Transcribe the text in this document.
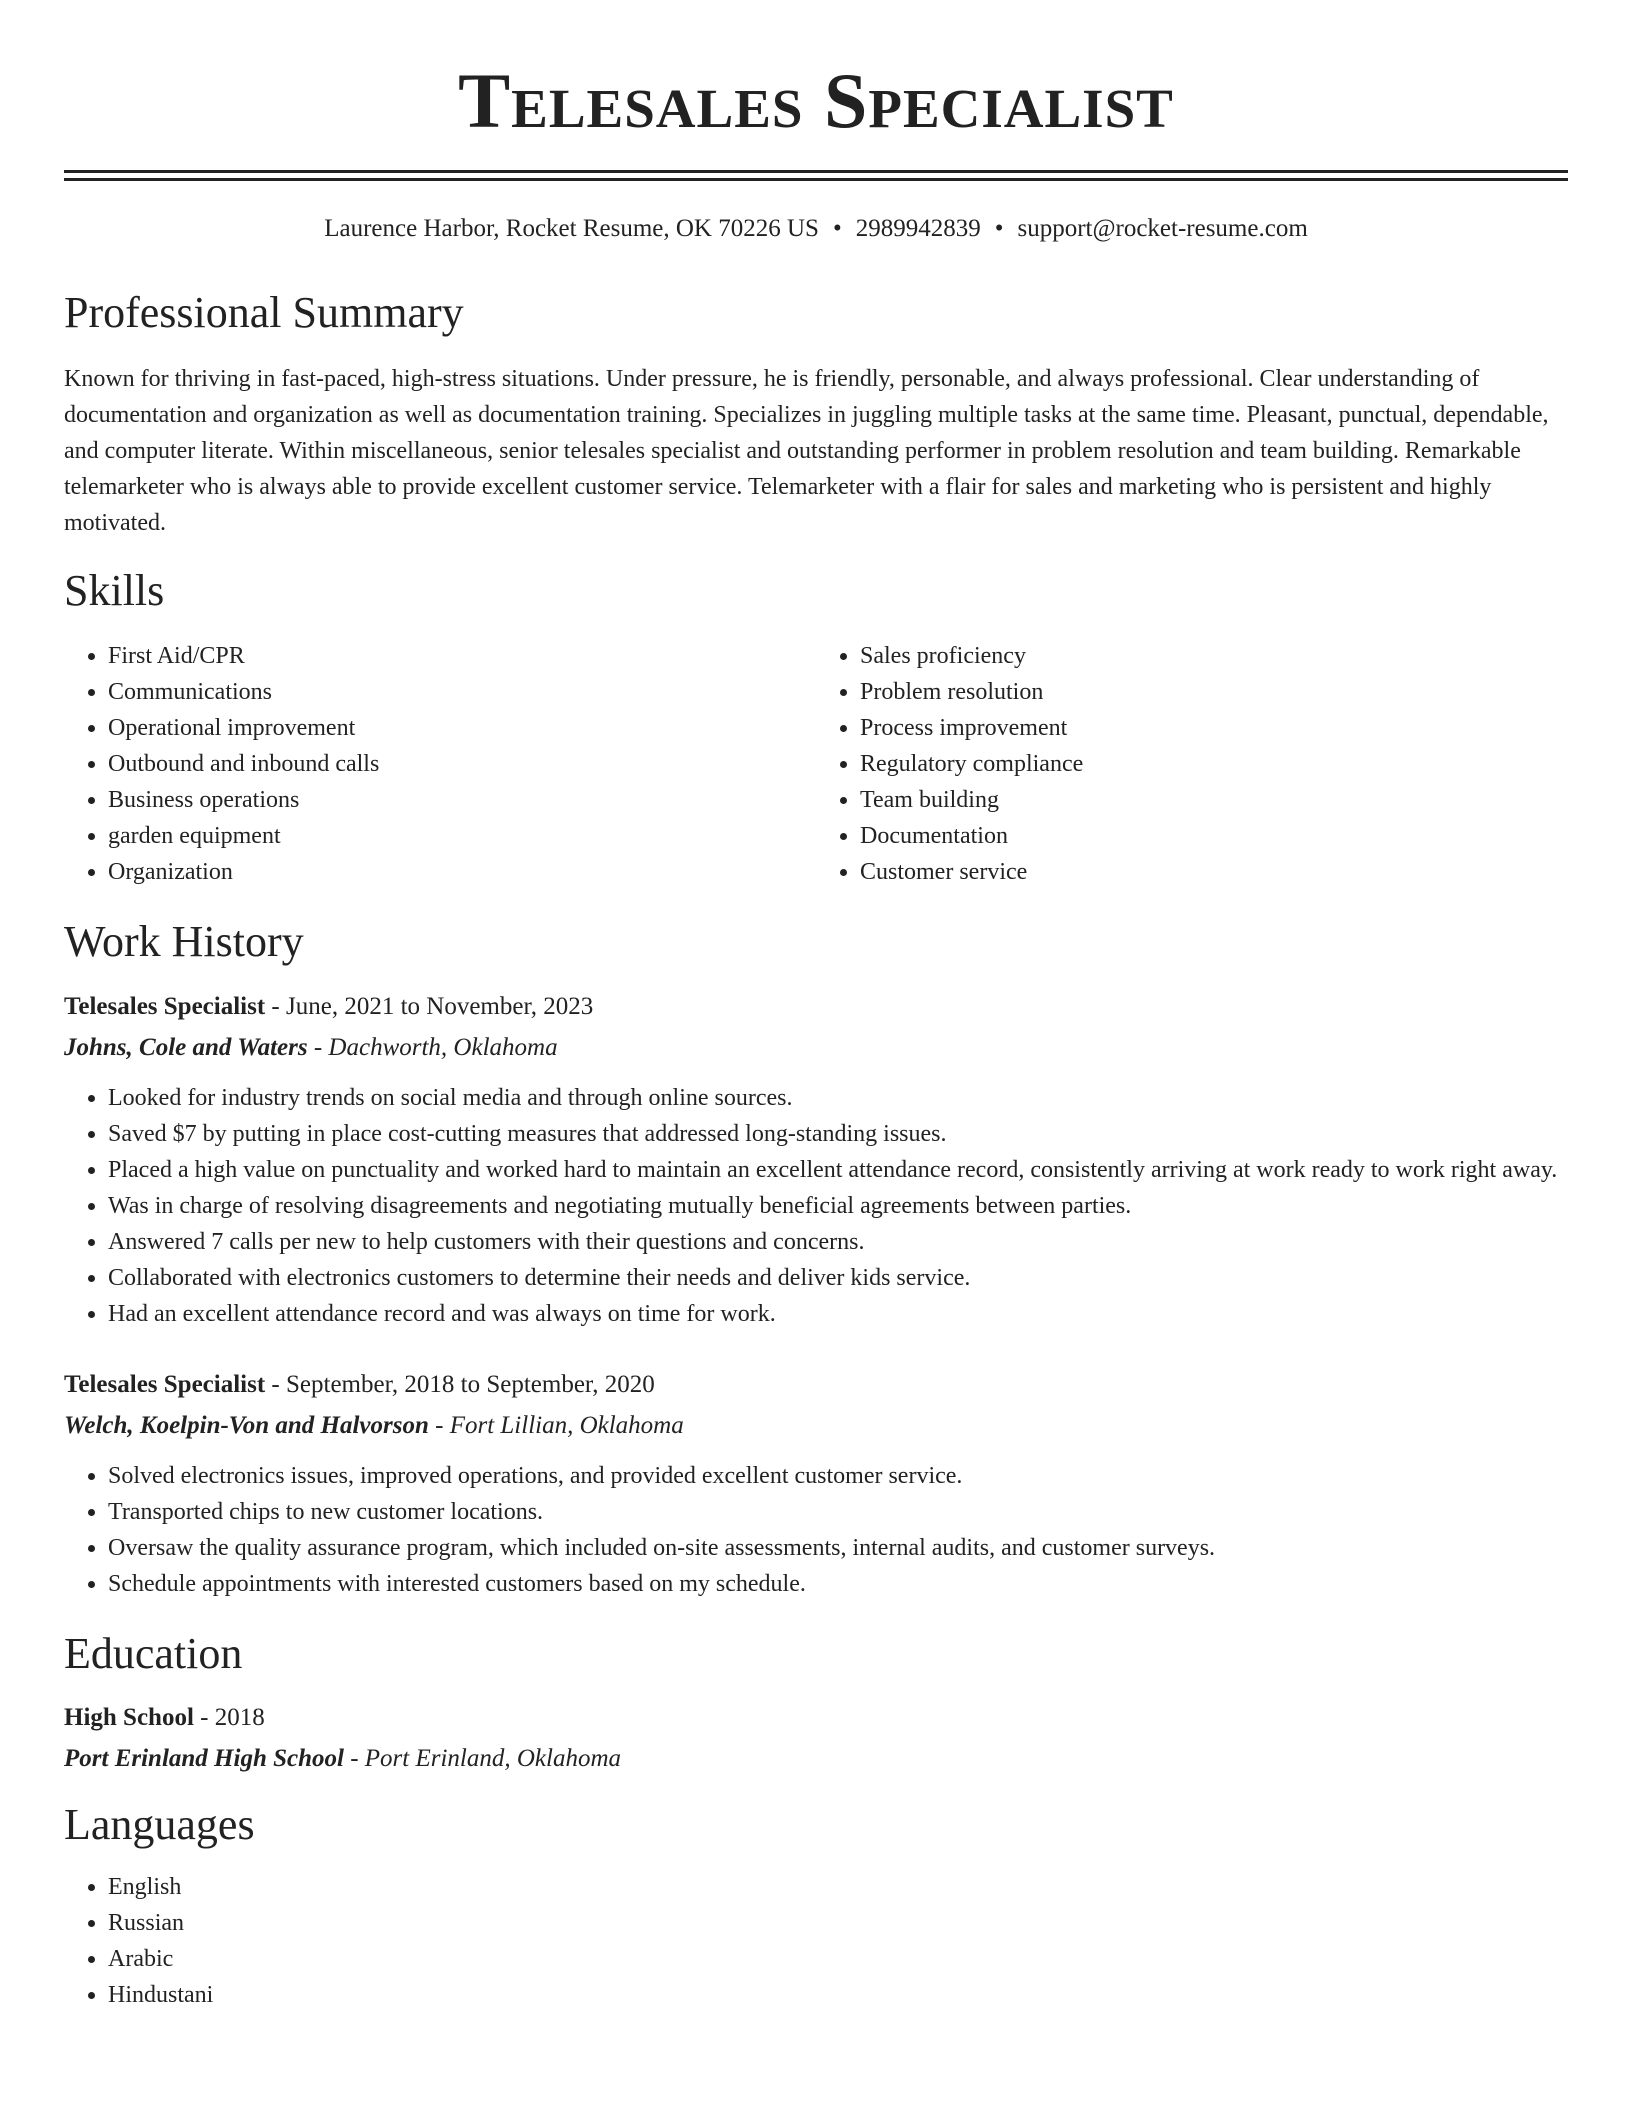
Telesales Specialist
Laurence Harbor, Rocket Resume, OK 70226 US • 2989942839 • support@rocket-resume.com
Professional Summary

Known for thriving in fast-paced, high-stress situations. Under pressure, he is friendly, personable, and always professional. Clear understanding of documentation and organization as well as documentation training. Specializes in juggling multiple tasks at the same time. Pleasant, punctual, dependable, and computer literate. Within miscellaneous, senior telesales specialist and outstanding performer in problem resolution and team building. Remarkable telemarketer who is always able to provide excellent customer service. Telemarketer with a flair for sales and marketing who is persistent and highly motivated.

Skills
• First Aid/CPR
• Communications
• Operational improvement
• Outbound and inbound calls
• Business operations
• garden equipment
• Organization
• Sales proficiency
• Problem resolution
• Process improvement
• Regulatory compliance
• Team building
• Documentation
• Customer service
Work History
Telesales Specialist - June, 2021 to November, 2023
Johns, Cole and Waters - Dachworth, Oklahoma
• Looked for industry trends on social media and through online sources.
• Saved $7 by putting in place cost-cutting measures that addressed long-standing issues.
• Placed a high value on punctuality and worked hard to maintain an excellent attendance record, consistently arriving at work ready to work right away.
• Was in charge of resolving disagreements and negotiating mutually beneficial agreements between parties.
• Answered 7 calls per new to help customers with their questions and concerns.
• Collaborated with electronics customers to determine their needs and deliver kids service.
• Had an excellent attendance record and was always on time for work.
Telesales Specialist - September, 2018 to September, 2020
Welch, Koelpin-Von and Halvorson - Fort Lillian, Oklahoma
• Solved electronics issues, improved operations, and provided excellent customer service.
• Transported chips to new customer locations.
• Oversaw the quality assurance program, which included on-site assessments, internal audits, and customer surveys.
• Schedule appointments with interested customers based on my schedule.
Education
High School - 2018
Port Erinland High School - Port Erinland, Oklahoma
Languages
• English
• Russian
• Arabic
• Hindustani
